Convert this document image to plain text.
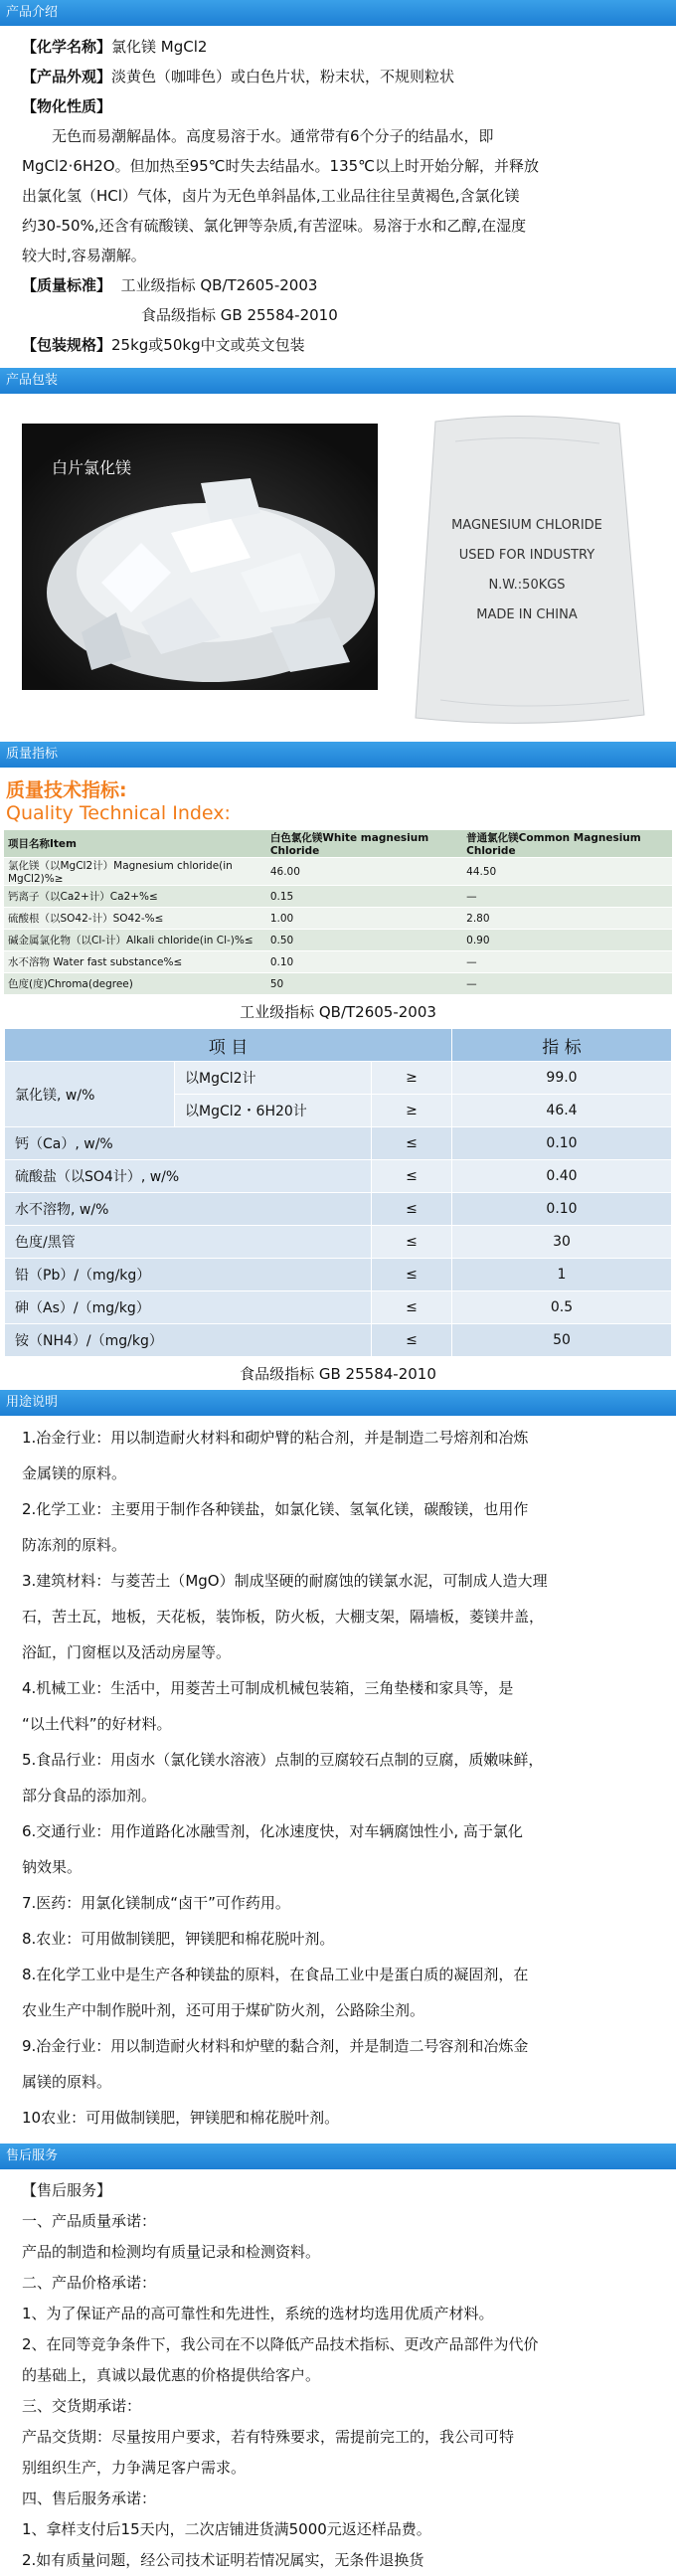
产品介绍

【化学名称】氯化镁 MgCl2

【产品外观】淡黄色（咖啡色）或白色片状，粉末状，不规则粒状

【物化性质】

无色而易潮解晶体。高度易溶于水。通常带有6个分子的结晶水，即

MgCl2·6H2O。但加热至95℃时失去结晶水。135℃以上时开始分解，并释放

出氯化氢（HCl）气体，卤片为无色单斜晶体,工业品往往呈黄褐色,含氯化镁

约30-50%,还含有硫酸镁、氯化钾等杂质,有苦涩味。易溶于水和乙醇,在湿度

较大时,容易潮解。

【质量标准】 工业级指标 QB/T2605-2003

食品级指标 GB 25584-2010

【包装规格】25kg或50kg中文或英文包装

产品包装
白片氯化镁
MAGNESIUM CHLORIDE
USED FOR INDUSTRY
N.W.:50KGS
MADE IN CHINA
质量指标
质量技术指标:
Quality Technical Index:
项目名称Item	白色氯化镁White magnesium Chloride	普通氯化镁Common Magnesium Chloride
氯化镁（以MgCl2计）Magnesium chloride(in MgCl2)%≥	46.00	44.50
钙离子（以Ca2+计）Ca2+%≤	0.15	—
硫酸根（以SO42-计）SO42-%≤	1.00	2.80
碱金属氯化物（以Cl-计）Alkali chloride(in Cl-)%≤	0.50	0.90
水不溶物 Water fast substance%≤	0.10	—
色度(度)Chroma(degree)	50	—
工业级指标 QB/T2605-2003
项 目			指 标
氯化镁, w/%	以MgCl2计	≥	99.0
	以MgCl2・6H20计	≥	46.4
钙（Ca）, w/%		≤	0.10
硫酸盐（以SO4计）, w/%		≤	0.40
水不溶物, w/%		≤	0.10
色度/黑管		≤	30
铅（Pb）/（mg/kg）		≤	1
砷（As）/（mg/kg）		≤	0.5
铵（NH4）/（mg/kg）		≤	50
食品级指标 GB 25584-2010
用途说明

1.冶金行业：用以制造耐火材料和砌炉臂的粘合剂，并是制造二号熔剂和冶炼

金属镁的原料。

2.化学工业：主要用于制作各种镁盐，如氯化镁、氢氧化镁，碳酸镁，也用作

防冻剂的原料。

3.建筑材料：与菱苦土（MgO）制成坚硬的耐腐蚀的镁氯水泥，可制成人造大理

石，苦土瓦，地板，天花板，装饰板，防火板，大棚支架，隔墙板，菱镁井盖，

浴缸，门窗框以及活动房屋等。

4.机械工业：生活中，用菱苦土可制成机械包装箱，三角垫楼和家具等，是

“以土代料”的好材料。

5.食品行业：用卤水（氯化镁水溶液）点制的豆腐较石点制的豆腐，质嫩味鲜，

部分食品的添加剂。

6.交通行业：用作道路化冰融雪剂，化冰速度快，对车辆腐蚀性小, 高于氯化

钠效果。

7.医药：用氯化镁制成“卤干”可作药用。

8.农业：可用做制镁肥，钾镁肥和棉花脱叶剂。

8.在化学工业中是生产各种镁盐的原料，在食品工业中是蛋白质的凝固剂，在

农业生产中制作脱叶剂，还可用于煤矿防火剂，公路除尘剂。

9.冶金行业：用以制造耐火材料和炉壁的黏合剂，并是制造二号容剂和冶炼金

属镁的原料。

10农业：可用做制镁肥，钾镁肥和棉花脱叶剂。

售后服务

【售后服务】

一、产品质量承诺：

产品的制造和检测均有质量记录和检测资料。

二、产品价格承诺：

1、为了保证产品的高可靠性和先进性，系统的选材均选用优质产材料。

2、在同等竞争条件下，我公司在不以降低产品技术指标、更改产品部件为代价

的基础上，真诚以最优惠的价格提供给客户。

三、交货期承诺：

产品交货期：尽量按用户要求，若有特殊要求，需提前完工的，我公司可特

别组织生产，力争满足客户需求。

四、售后服务承诺：

1、拿样支付后15天内，二次店铺进货满5000元返还样品费。

2.如有质量问题，经公司技术证明若情况属实，无条件退换货
